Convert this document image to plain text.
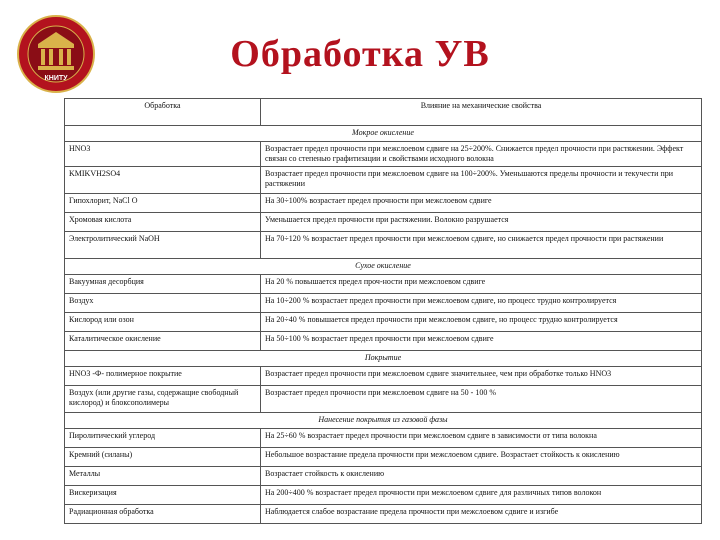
КНИТУ
Обработка УВ
Обработка	Влияние на механические свойства
Мокрое окисление	
HNO3	Возрастает предел прочности при межслоевом сдвиге на 25÷200%. Снижается предел прочности при растяжении. Эффект связан со степенью графитизации и свойствами исходного волокна
KMIKVH2SO4	Возрастает предел прочности при межслоевом сдвиге на 100÷200%. Уменьшаются пределы прочности и текучести при растяжении
Гипохлорит, NaCl O	На 30÷100% возрастает предел прочности при межслоевом сдвиге
Хромовая кислота	Уменьшается предел прочности при растяжении. Волокно разрушается
Электролитический NaOH	На 70÷120 % возрастает предел прочности при межслоевом сдвиге, но снижается предел прочности при растяжении
Сухое окисление	
Вакуумная десорбция	На 20 % повышается предел проч-ности при межслоевом сдвиге
Воздух	На 10÷200 % возрастает предел прочности при межслоевом сдвиге, но процесс трудно контролируется
Кислород или озон	На 20÷40 % повышается предел прочности при межслоевом сдвиге, но процесс трудно контролируется
Каталитическое окисление	На 50÷100 % возрастает предел прочности при межслоевом сдвиге
Покрытие	
HNO3 -Ф- полимерное покрытие	Возрастает предел прочности при межслоевом сдвиге значительнее, чем при обработке только HNO3
Воздух (или другие газы, содержащие свободный кислород) и блоксополимеры	Возрастает предел прочности при межслоевом сдвиге на 50 - 100 %
Нанесение покрытия из газовой фазы	
Пиролитический углерод	На 25÷60 % возрастает предел прочности при межслоевом сдвиге в зависимости от типа волокна
Кремний (силаны)	Небольшое возрастание предела прочности при межслоевом сдвиге. Возрастает стойкость к окислению
Металлы	Возрастает стойкость к окислению
Вискеризация	На 200÷400 % возрастает предел прочности при межслоевом сдвиге для различных типов волокон
Радиационная обработка	Наблюдается слабое возрастание предела прочности при межслоевом сдвиге и изгибе
